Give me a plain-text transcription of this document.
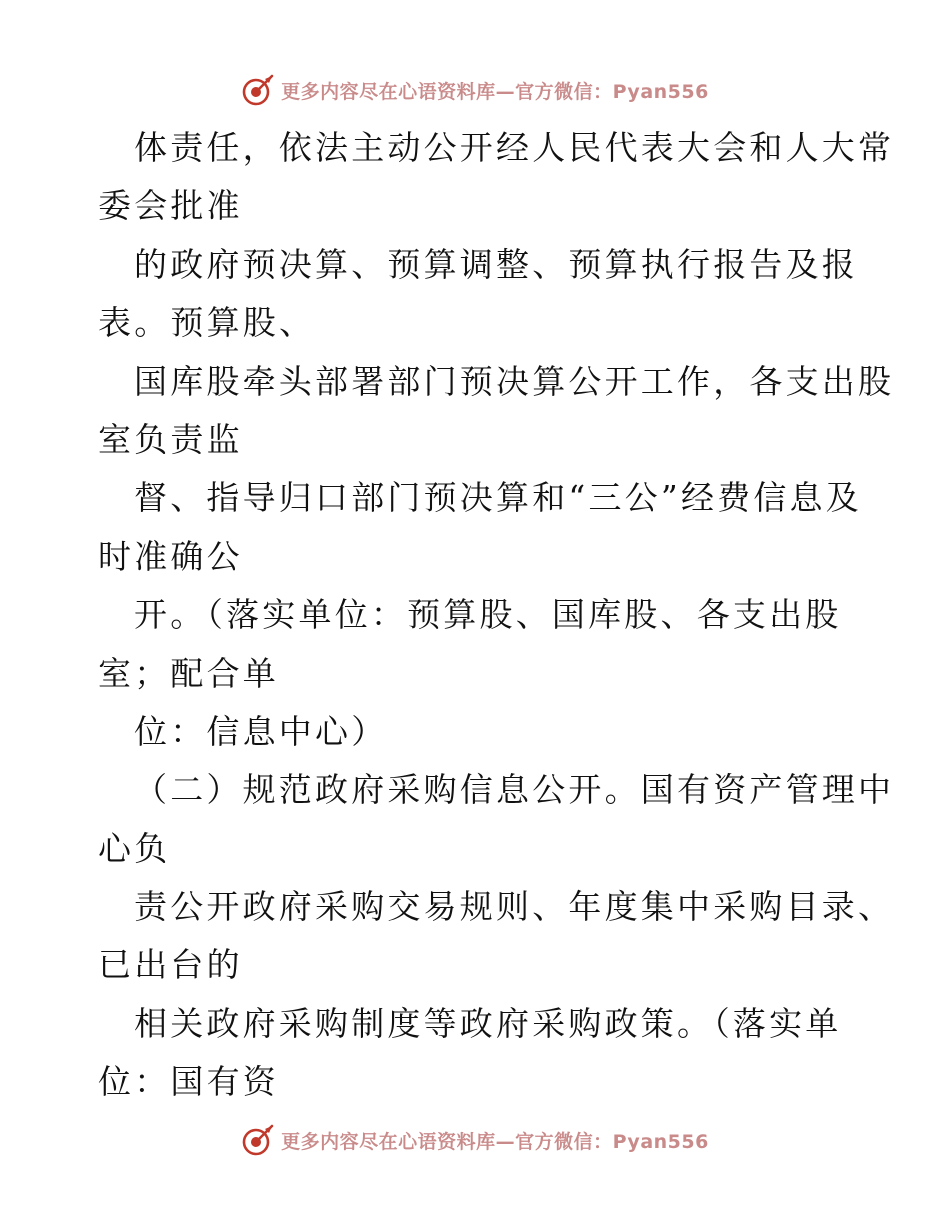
更多内容尽在心语资料库—官方微信：Pyan556
体责任，依法主动公开经人民代表大会和人大常
委会批准
的政府预决算、预算调整、预算执行报告及报
表。预算股、
国库股牵头部署部门预决算公开工作，各支出股
室负责监
督、指导归口部门预决算和“三公”经费信息及
时准确公
开。（落实单位：预算股、国库股、各支出股
室；配合单
位：信息中心）
（二）规范政府采购信息公开。国有资产管理中
心负
责公开政府采购交易规则、年度集中采购目录、
已出台的
相关政府采购制度等政府采购政策。（落实单
位：国有资
更多内容尽在心语资料库—官方微信：Pyan556
